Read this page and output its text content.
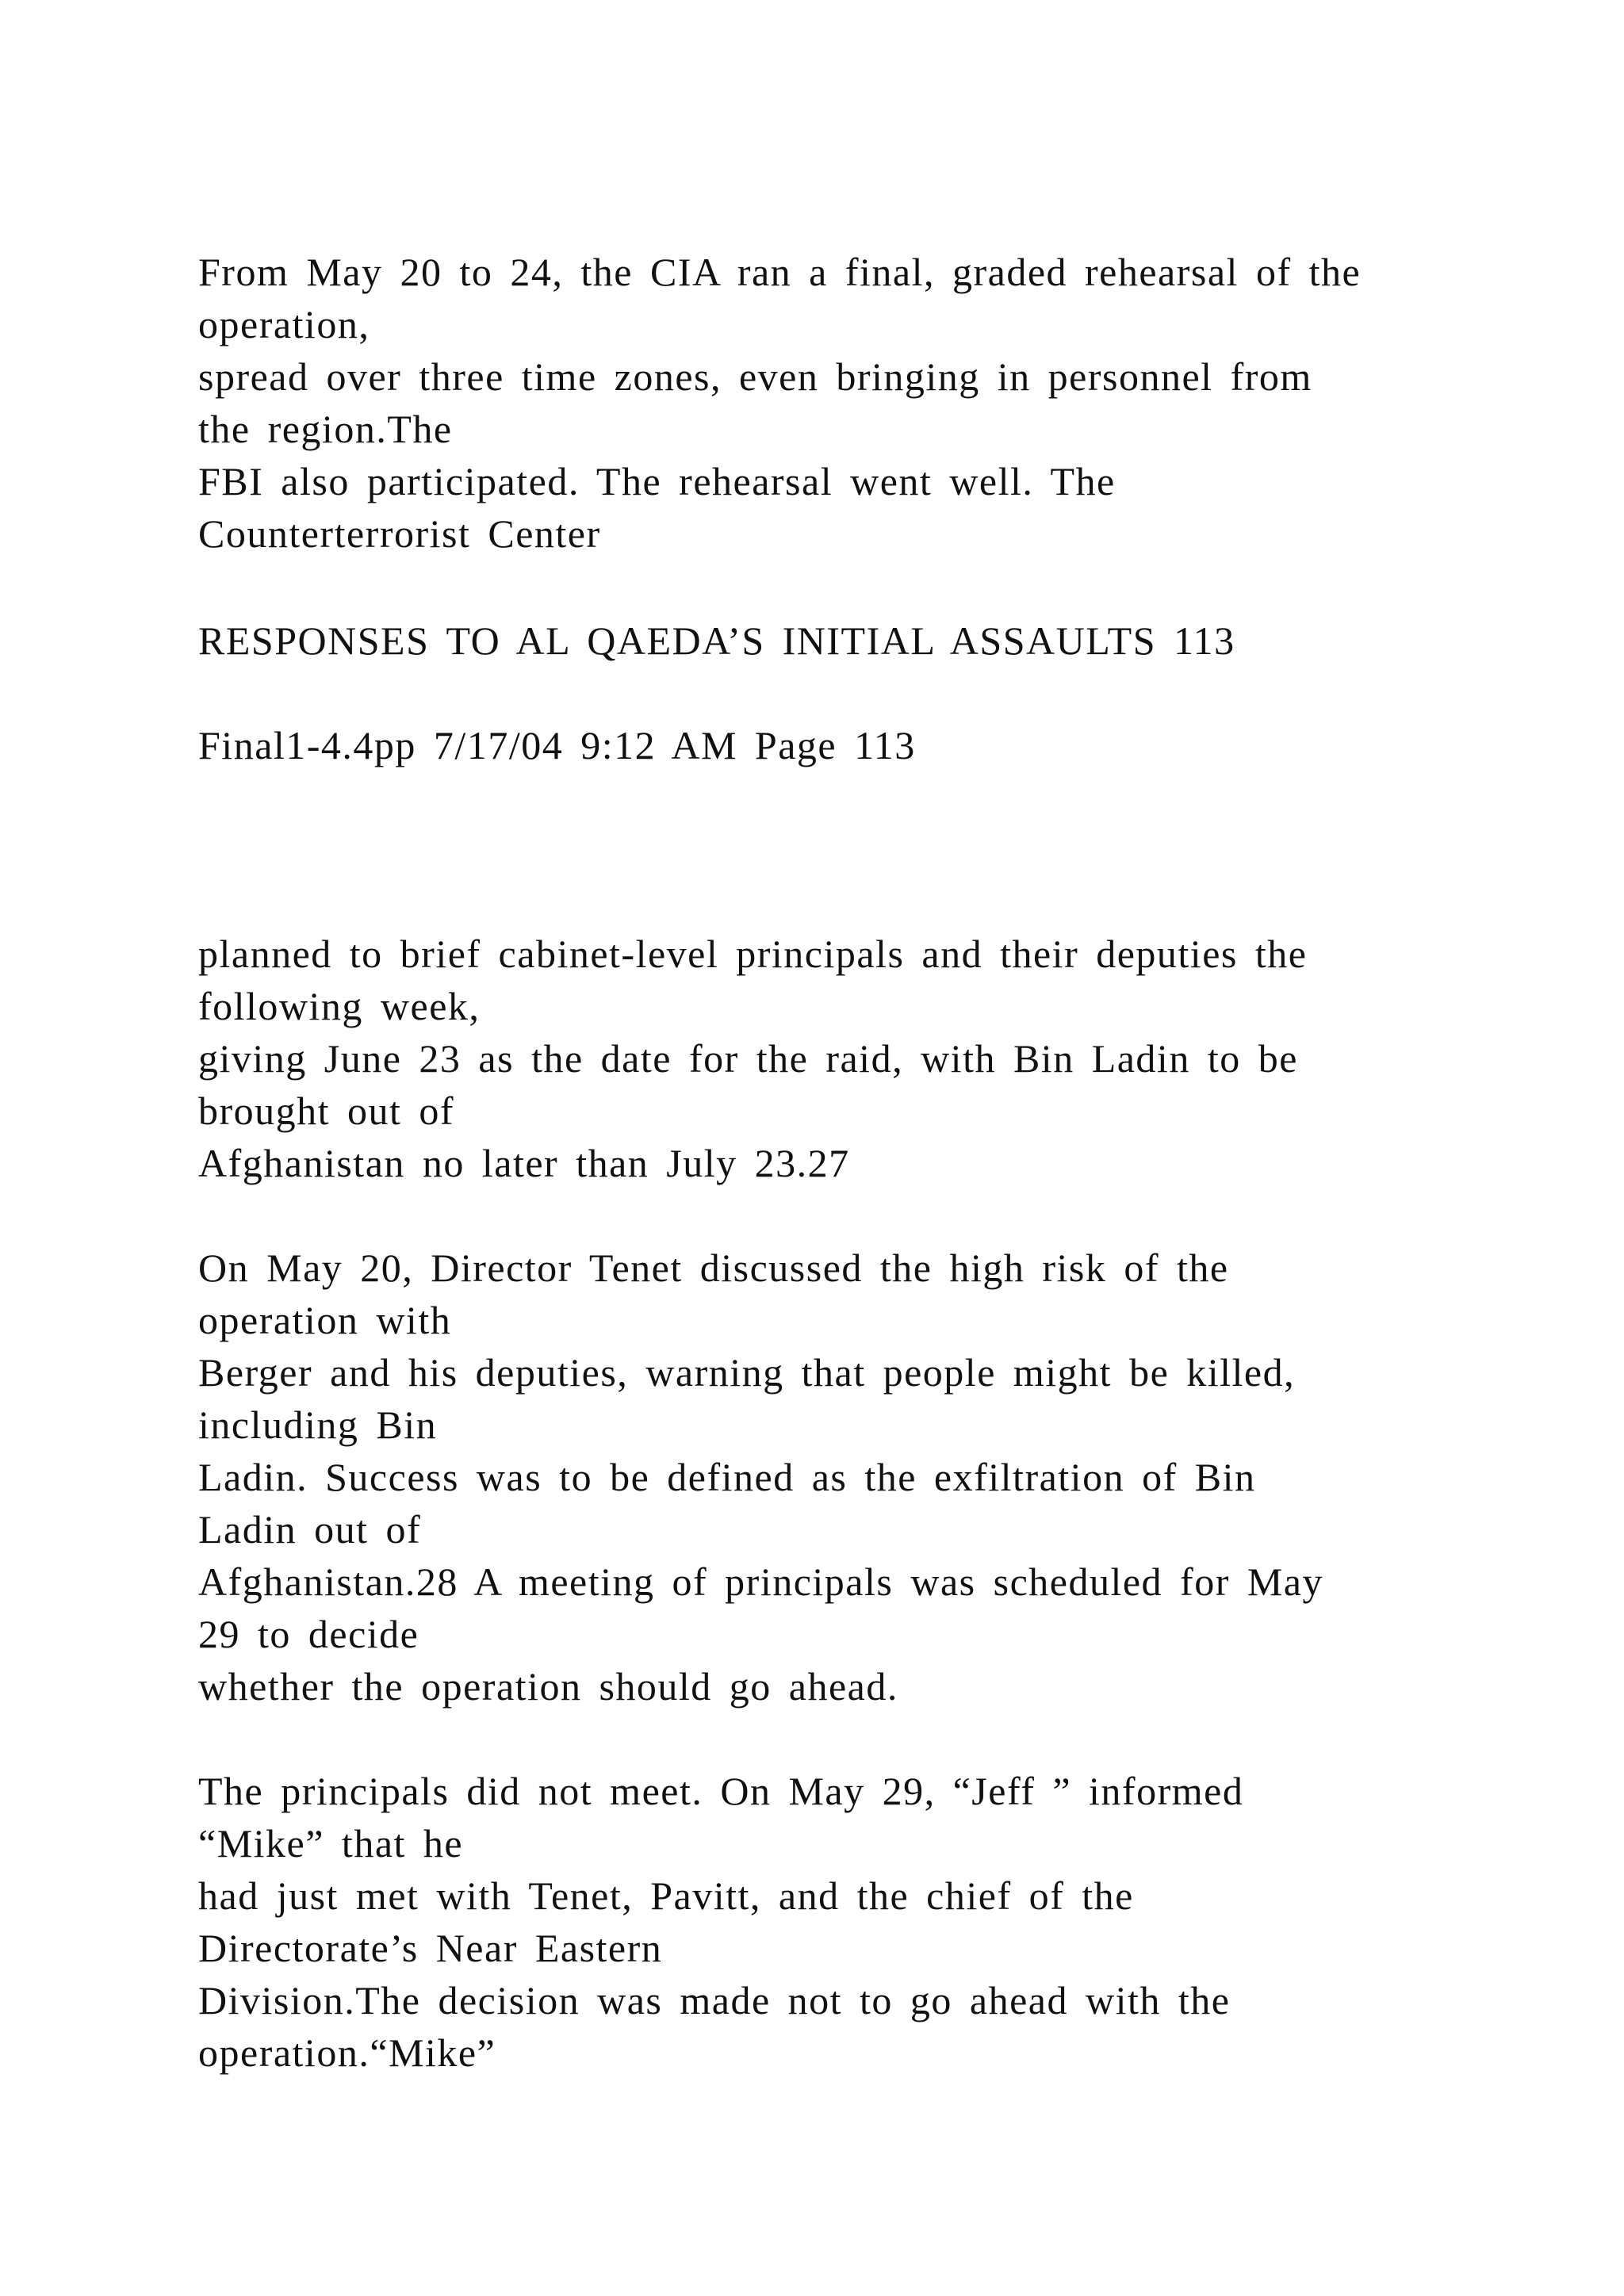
From May 20 to 24, the CIA ran a final, graded rehearsal of the
operation,
spread over three time zones, even bringing in personnel from
the region.The
FBI also participated. The rehearsal went well. The
Counterterrorist Center
RESPONSES TO AL QAEDA’S INITIAL ASSAULTS 113
Final1-4.4pp 7/17/04 9:12 AM Page 113
planned to brief cabinet-level principals and their deputies the
following week,
giving June 23 as the date for the raid, with Bin Ladin to be
brought out of
Afghanistan no later than July 23.27
On May 20, Director Tenet discussed the high risk of the
operation with
Berger and his deputies, warning that people might be killed,
including Bin
Ladin. Success was to be defined as the exfiltration of Bin
Ladin out of
Afghanistan.28 A meeting of principals was scheduled for May
29 to decide
whether the operation should go ahead.
The principals did not meet. On May 29, “Jeff ” informed
“Mike” that he
had just met with Tenet, Pavitt, and the chief of the
Directorate’s Near Eastern
Division.The decision was made not to go ahead with the
operation.“Mike”
